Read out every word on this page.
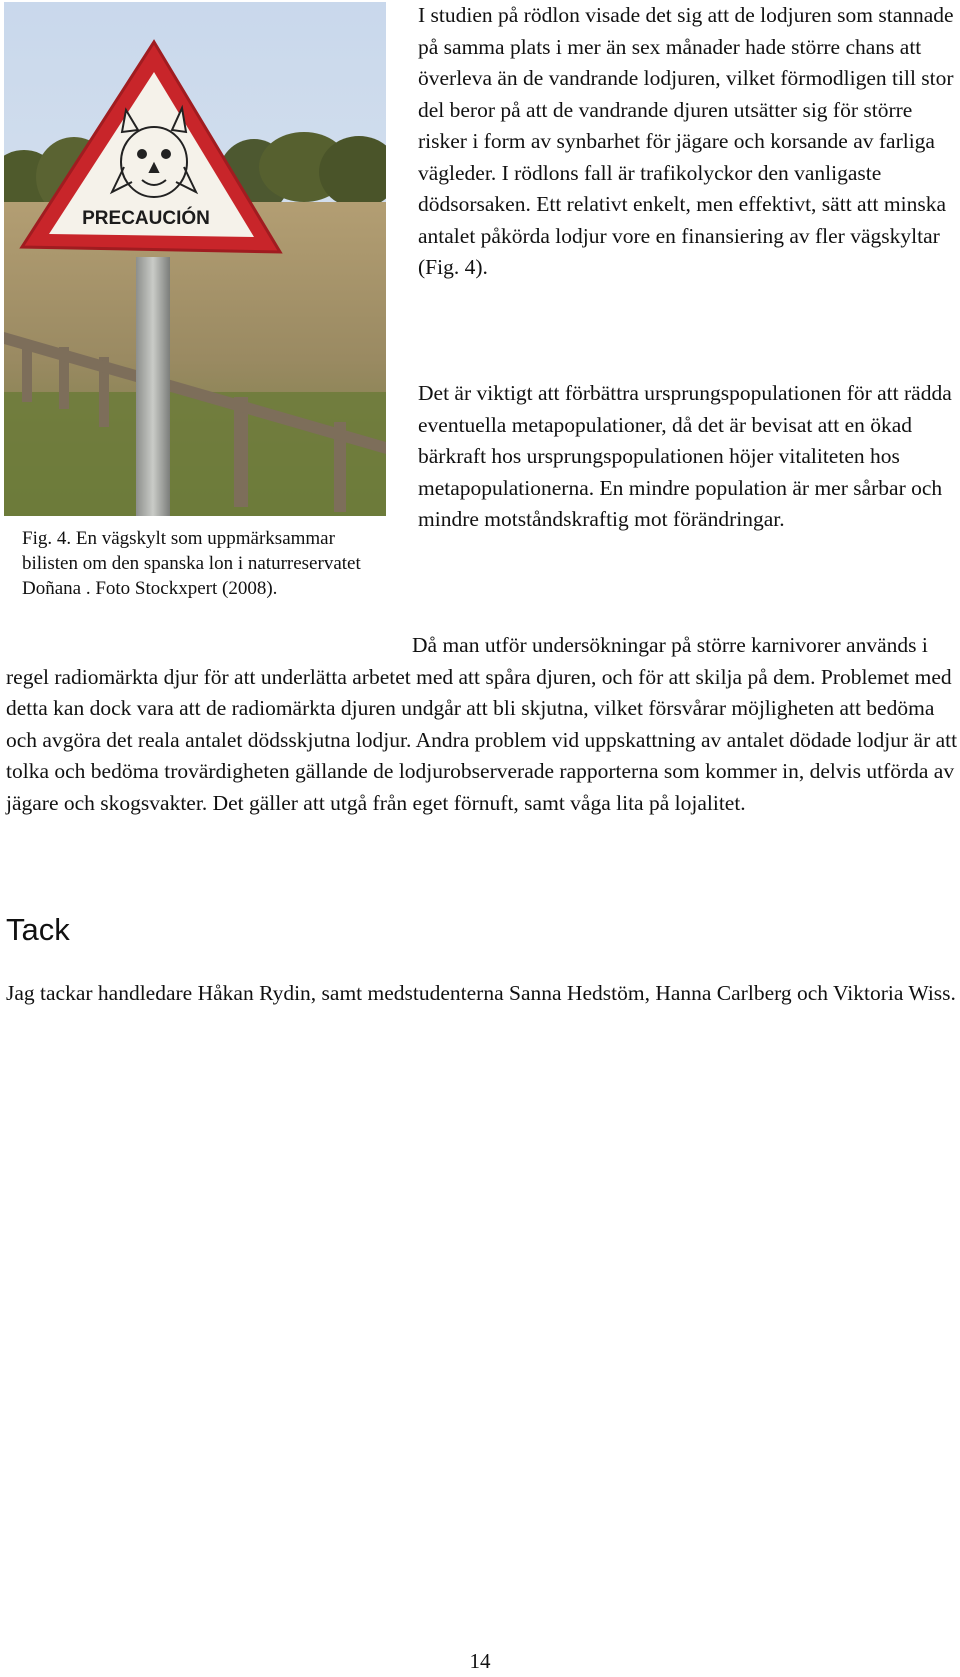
PRECAUCIÓN
Fig. 4. En vägskylt som uppmärksammar bilisten om den spanska lon i naturreservatet Doñana . Foto Stockxpert (2008).

I studien på rödlon visade det sig att de lodjuren som stannade på samma plats i mer än sex månader hade större chans att överleva än de vandrande lodjuren, vilket förmodligen till stor del beror på att de vandrande djuren utsätter sig för större risker i form av synbarhet för jägare och korsande av farliga vägleder. I rödlons fall är trafikolyckor den vanligaste dödsorsaken. Ett relativt enkelt, men effektivt, sätt att minska antalet påkörda lodjur vore en finansiering av fler vägskyltar (Fig. 4).

Det är viktigt att förbättra ursprungspopulationen för att rädda eventuella metapopulationer, då det är bevisat att en ökad bärkraft hos ursprungspopulationen höjer vitaliteten hos metapopulationerna. En mindre population är mer sårbar och mindre motståndskraftig mot förändringar.

Då man utför undersökningar på större karnivorer används i regel radiomärkta djur för att underlätta arbetet med att spåra djuren, och för att skilja på dem. Problemet med detta kan dock vara att de radiomärkta djuren undgår att bli skjutna, vilket försvårar möjligheten att bedöma och avgöra det reala antalet dödsskjutna lodjur. Andra problem vid uppskattning av antalet dödade lodjur är att tolka och bedöma trovärdigheten gällande de lodjurobserverade rapporterna som kommer in, delvis utförda av jägare och skogsvakter. Det gäller att utgå från eget förnuft, samt våga lita på lojalitet.

Tack

Jag tackar handledare Håkan Rydin, samt medstudenterna Sanna Hedstöm, Hanna Carlberg och Viktoria Wiss.

14
